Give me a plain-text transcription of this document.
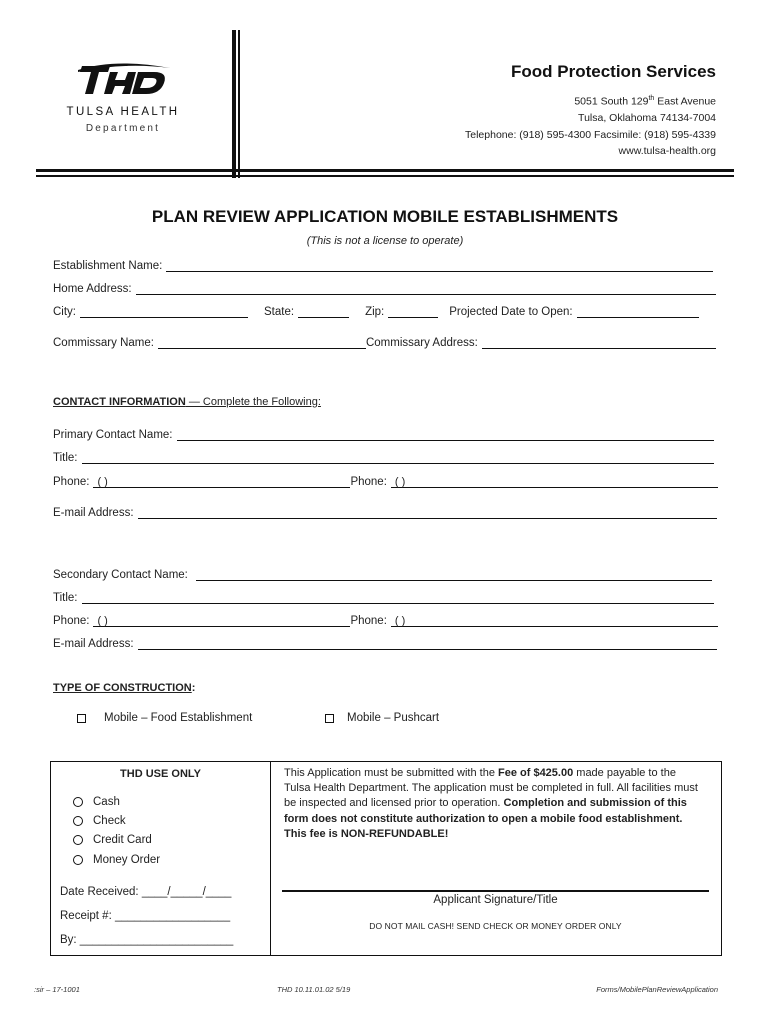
TULSA HEALTH
Department
Food Protection Services
5051 South 129th East Avenue
Tulsa, Oklahoma 74134-7004
Telephone: (918) 595-4300 Facsimile: (918) 595-4339
www.tulsa-health.org
PLAN REVIEW APPLICATION MOBILE ESTABLISHMENTS
(This is not a license to operate)
Establishment Name:
Home Address:
City:	State:	Zip:	Projected Date to Open:
Commissary Name:	Commissary Address:
CONTACT INFORMATION — Complete the Following:
Primary Contact Name:
Title:
Phone: ( )	Phone: ( )
E-mail Address:
Secondary Contact Name:
Title:
Phone: ( )	Phone: ( )
E-mail Address:
TYPE OF CONSTRUCTION:
Mobile – Food Establishment	Mobile – Pushcart
THD USE ONLY
Cash
Check
Credit Card
Money Order
Date Received: ____/_____/____
Receipt #: __________________
By: ________________________
This Application must be submitted with the Fee of $425.00 made payable to the Tulsa Health Department. The application must be completed in full. All facilities must be inspected and licensed prior to operation. Completion and submission of this form does not constitute authorization to open a mobile food establishment.
This fee is NON-REFUNDABLE!
Applicant Signature/Title
DO NOT MAIL CASH! SEND CHECK OR MONEY ORDER ONLY
:sir – 17-1001	THD 10.11.01.02 5/19	Forms/MobilePlanReviewApplication
